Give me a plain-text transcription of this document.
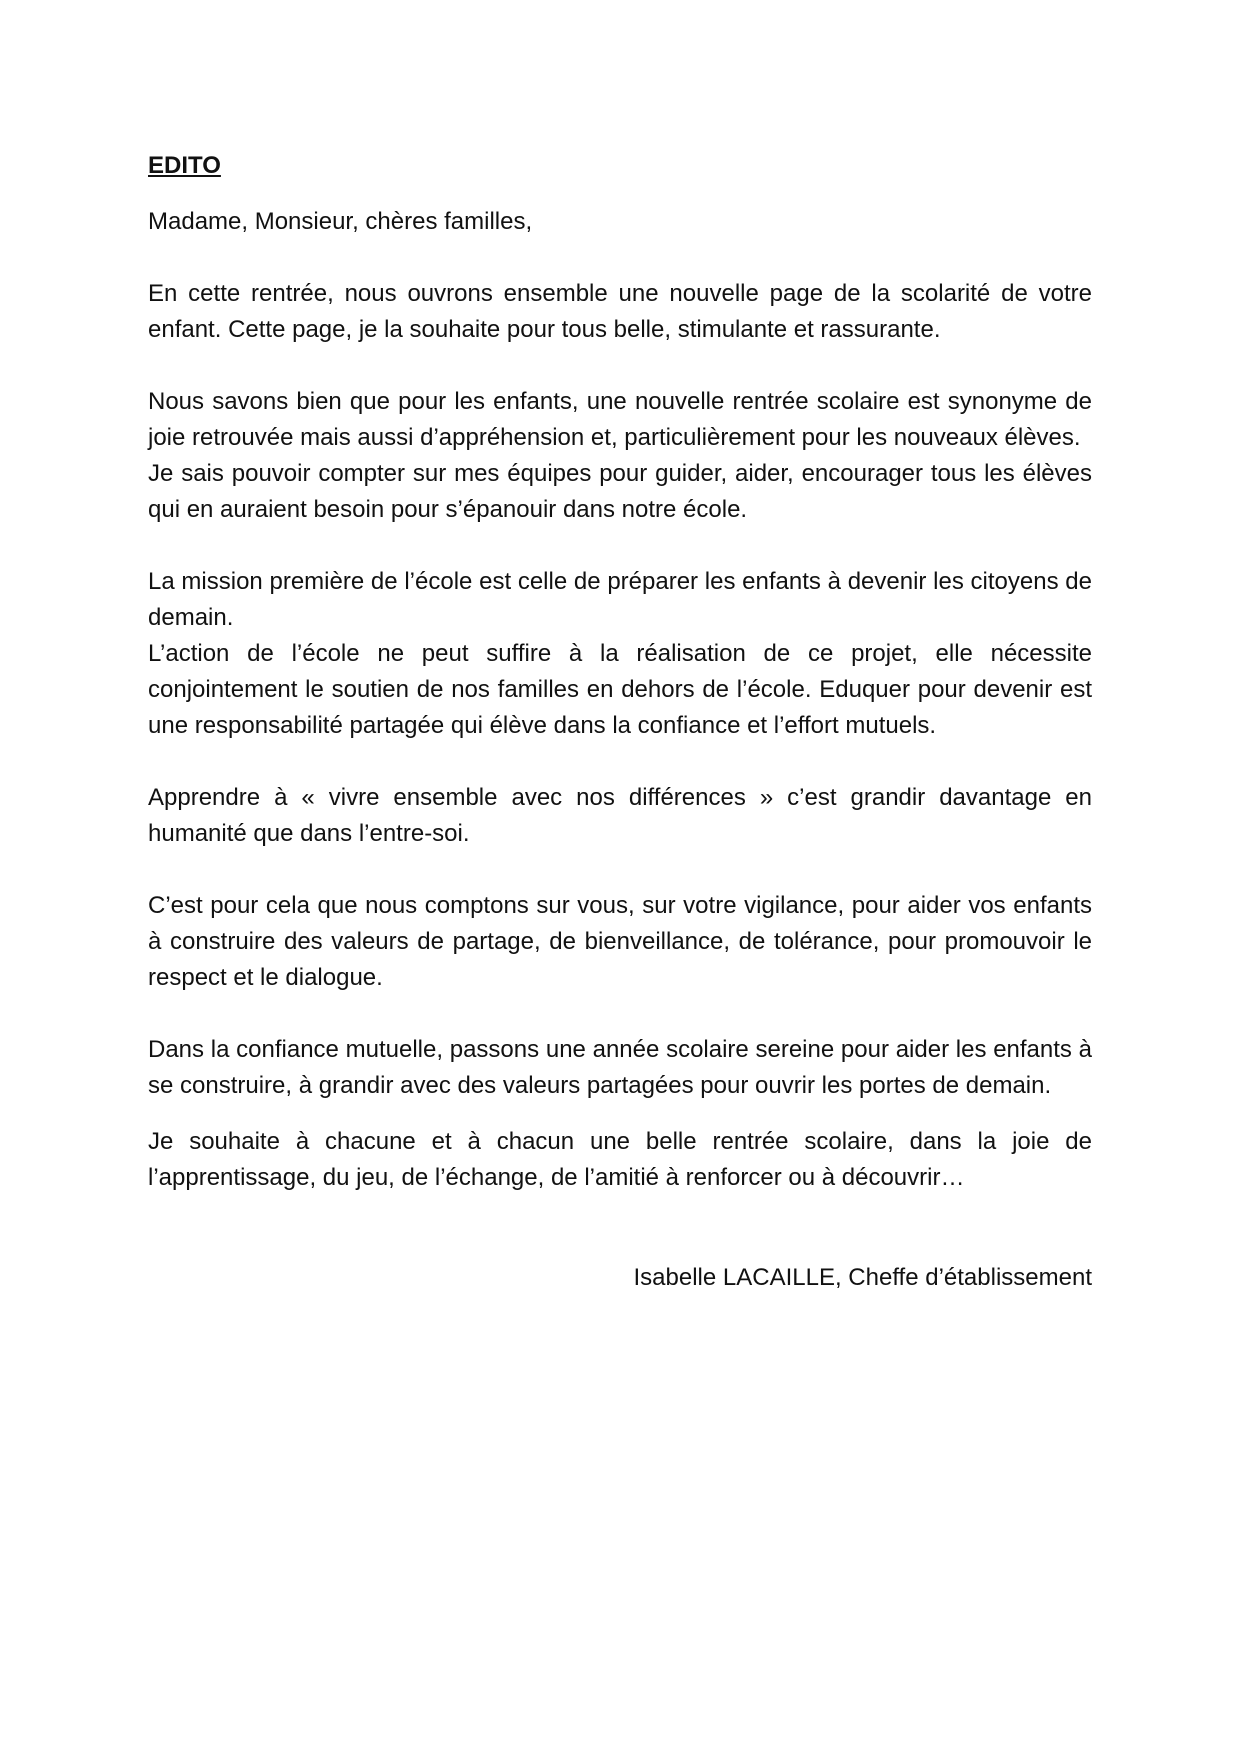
EDITO
Madame, Monsieur, chères familles,

En cette rentrée, nous ouvrons ensemble une nouvelle page de la scolarité de votre enfant. Cette page, je la souhaite pour tous belle, stimulante et rassurante.

Nous savons bien que pour les enfants, une nouvelle rentrée scolaire est synonyme de joie retrouvée mais aussi d’appréhension et, particulièrement pour les nouveaux élèves.

Je sais pouvoir compter sur mes équipes pour guider, aider, encourager tous les élèves qui en auraient besoin pour s’épanouir dans notre école.

La mission première de l’école est celle de préparer les enfants à devenir les citoyens de demain.

L’action de l’école ne peut suffire à la réalisation de ce projet, elle nécessite conjointement le soutien de nos familles en dehors de l’école. Eduquer pour devenir est une responsabilité partagée qui élève dans la confiance et l’effort mutuels.

Apprendre à « vivre ensemble avec nos différences » c’est grandir davantage en humanité que dans l’entre-soi.

C’est pour cela que nous comptons sur vous, sur votre vigilance, pour aider vos enfants à construire des valeurs de partage, de bienveillance, de tolérance, pour promouvoir le respect et le dialogue.

Dans la confiance mutuelle, passons une année scolaire sereine pour aider les enfants à se construire, à grandir avec des valeurs partagées pour ouvrir les portes de demain.

Je souhaite à chacune et à chacun une belle rentrée scolaire, dans la joie de l’apprentissage, du jeu, de l’échange, de l’amitié à renforcer ou à découvrir…

Isabelle LACAILLE, Cheffe d’établissement
